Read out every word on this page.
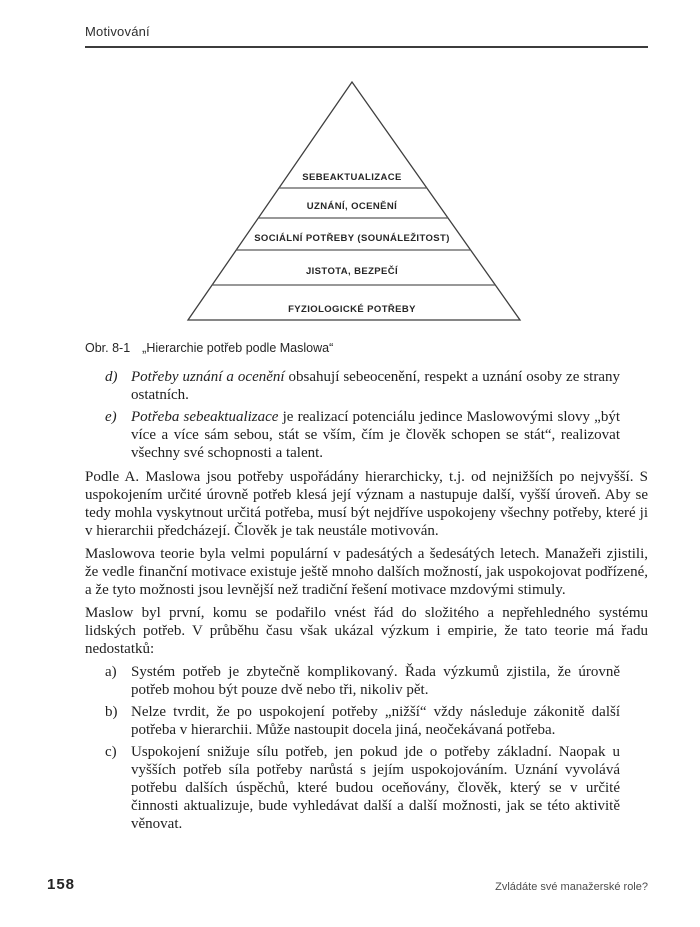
Motivování
SEBEAKTUALIZACE
UZNÁNÍ, OCENĚNÍ
SOCIÁLNÍ POTŘEBY (SOUNÁLEŽITOST)
JISTOTA, BEZPEČÍ
FYZIOLOGICKÉ POTŘEBY
Obr. 8-1 „Hierarchie potřeb podle Maslowa“
d) Potřeby uznání a ocenění obsahují sebeocenění, respekt a uznání osoby ze strany ostatních.

e) Potřeba sebeaktualizace je realizací potenciálu jedince Maslowovými slovy „být více a více sám sebou, stát se vším, čím je člověk schopen se stát“, realizovat všechny své schopnosti a talent.

Podle A. Maslowa jsou potřeby uspořádány hierarchicky, t.j. od nejnižších po nejvyšší. S uspokojením určité úrovně potřeb klesá její význam a nastupuje další, vyšší úroveň. Aby se tedy mohla vyskytnout určitá potřeba, musí být nejdříve uspokojeny všechny potřeby, které ji v hierarchii předcházejí. Člověk je tak neustále motivován.

Maslowova teorie byla velmi populární v padesátých a šedesátých letech. Manažeři zjistili, že vedle finanční motivace existuje ještě mnoho dalších možností, jak uspokojovat podřízené, a že tyto možnosti jsou levnější než tradiční řešení motivace mzdovými stimuly.

Maslow byl první, komu se podařilo vnést řád do složitého a nepřehledného systému lidských potřeb. V průběhu času však ukázal výzkum i empirie, že tato teorie má řadu nedostatků:

a) Systém potřeb je zbytečně komplikovaný. Řada výzkumů zjistila, že úrovně potřeb mohou být pouze dvě nebo tři, nikoliv pět.

b) Nelze tvrdit, že po uspokojení potřeby „nižší“ vždy následuje zákonitě další potřeba v hierarchii. Může nastoupit docela jiná, neočekávaná potřeba.

c) Uspokojení snižuje sílu potřeb, jen pokud jde o potřeby základní. Naopak u vyšších potřeb síla potřeby narůstá s jejím uspokojováním. Uznání vyvolává potřebu dalších úspěchů, které budou oceňovány, člověk, který se v určité činnosti aktualizuje, bude vyhledávat další a další možnosti, jak se této aktivitě věnovat.

158	Zvládáte své manažerské role?
